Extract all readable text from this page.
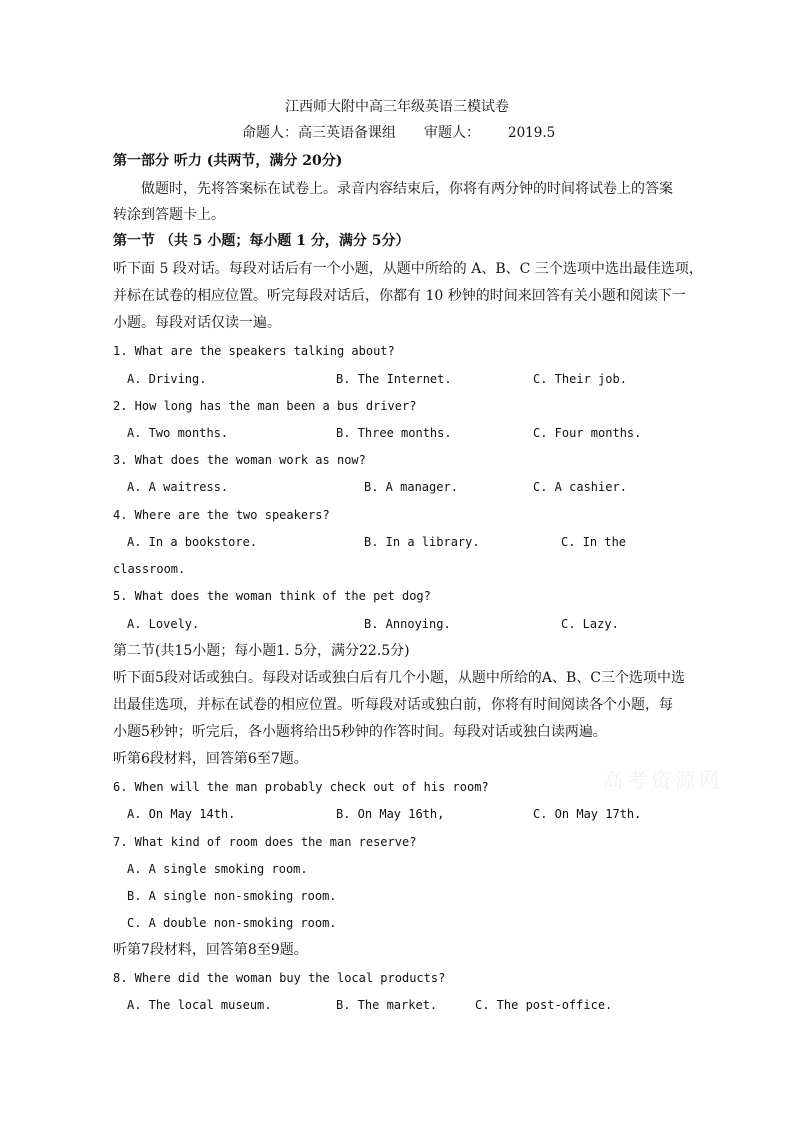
江西师大附中高三年级英语三模试卷
命题人：高三英语备课组 审题人： 2019.5
第一部分 听力 (共两节，满分 20分)
做题时，先将答案标在试卷上。录音内容结束后，你将有两分钟的时间将试卷上的答案
转涂到答题卡上。
第一节 （共 5 小题；每小题 1 分，满分 5分）
听下面 5 段对话。每段对话后有一个小题，从题中所给的 A、B、C 三个选项中选出最佳选项，
并标在试卷的相应位置。听完每段对话后，你都有 10 秒钟的时间来回答有关小题和阅读下一
小题。每段对话仅读一遍。
1. What are the speakers talking about?
A. Driving.	B. The Internet.	C. Their job.
2. How long has the man been a bus driver?
A. Two months.	B. Three months.	C. Four months.
3. What does the woman work as now?
A. A waitress.	B. A manager.	C. A cashier.
4. Where are the two speakers?
A. In a bookstore.	B. In a library.	C. In the
classroom.
5. What does the woman think of the pet dog?
A. Lovely.	B. Annoying.	C. Lazy.
第二节(共15小题；每小题1. 5分，满分22.5分)
听下面5段对话或独白。每段对话或独白后有几个小题，从题中所给的A、B、C三个选项中选
出最佳选项，并标在试卷的相应位置。听每段对话或独白前，你将有时间阅读各个小题，每
小题5秒钟；听完后，各小题将给出5秒钟的作答时间。每段对话或独白读两遍。
听第6段材料，回答第6至7题。
6. When will the man probably check out of his room?
A. On May 14th.	B. On May 16th,	C. On May 17th.
7. What kind of room does the man reserve?
A. A single smoking room.
B. A single non-smoking room.
C. A double non-smoking room.
听第7段材料，回答第8至9题。
8. Where did the woman buy the local products?
A. The local museum.	B. The market.	C. The post-office.
高考资源网
